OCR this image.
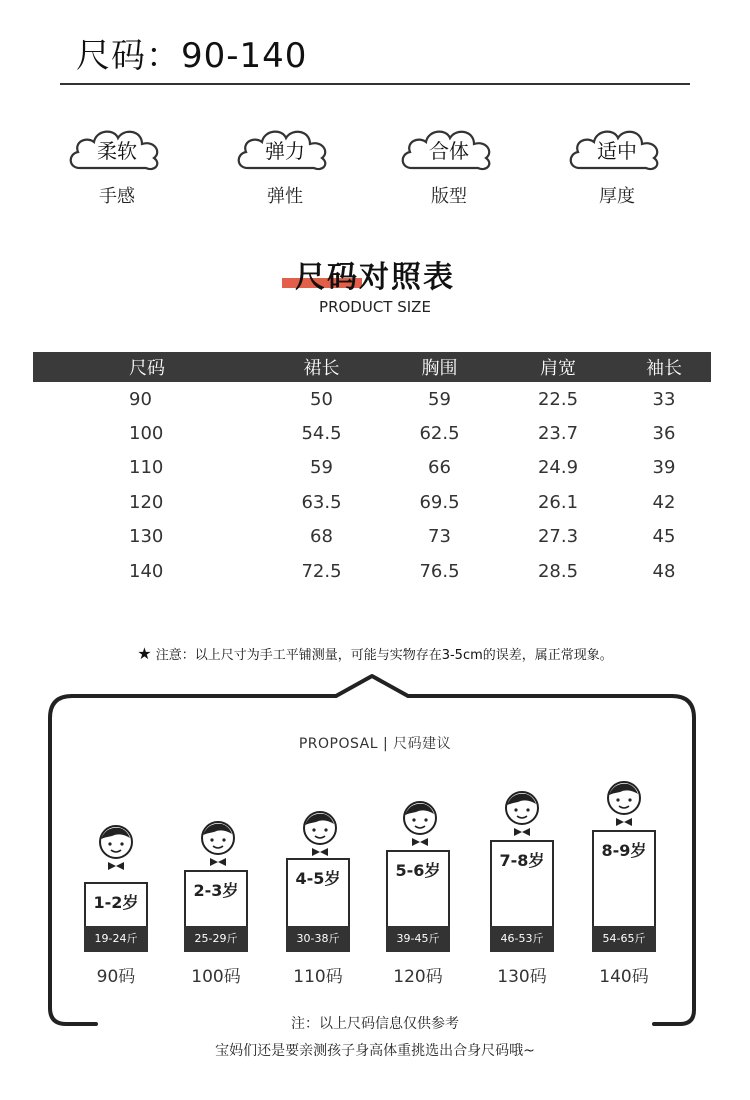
尺码：90-140
柔软
手感
弹力
弹性
合体
版型
适中
厚度
尺码对照表
PRODUCT SIZE
尺码	裙长	胸围	肩宽	袖长
90	50	59	22.5	33
100	54.5	62.5	23.7	36
110	59	66	24.9	39
120	63.5	69.5	26.1	42
130	68	73	27.3	45
140	72.5	76.5	28.5	48
★ 注意：以上尺寸为手工平铺测量，可能与实物存在3-5cm的误差，属正常现象。
PROPOSAL | 尺码建议
1-2岁
19-24斤
90码
2-3岁
25-29斤
100码
4-5岁
30-38斤
110码
5-6岁
39-45斤
120码
7-8岁
46-53斤
130码
8-9岁
54-65斤
140码
注：以上尺码信息仅供参考
宝妈们还是要亲测孩子身高体重挑选出合身尺码哦~
